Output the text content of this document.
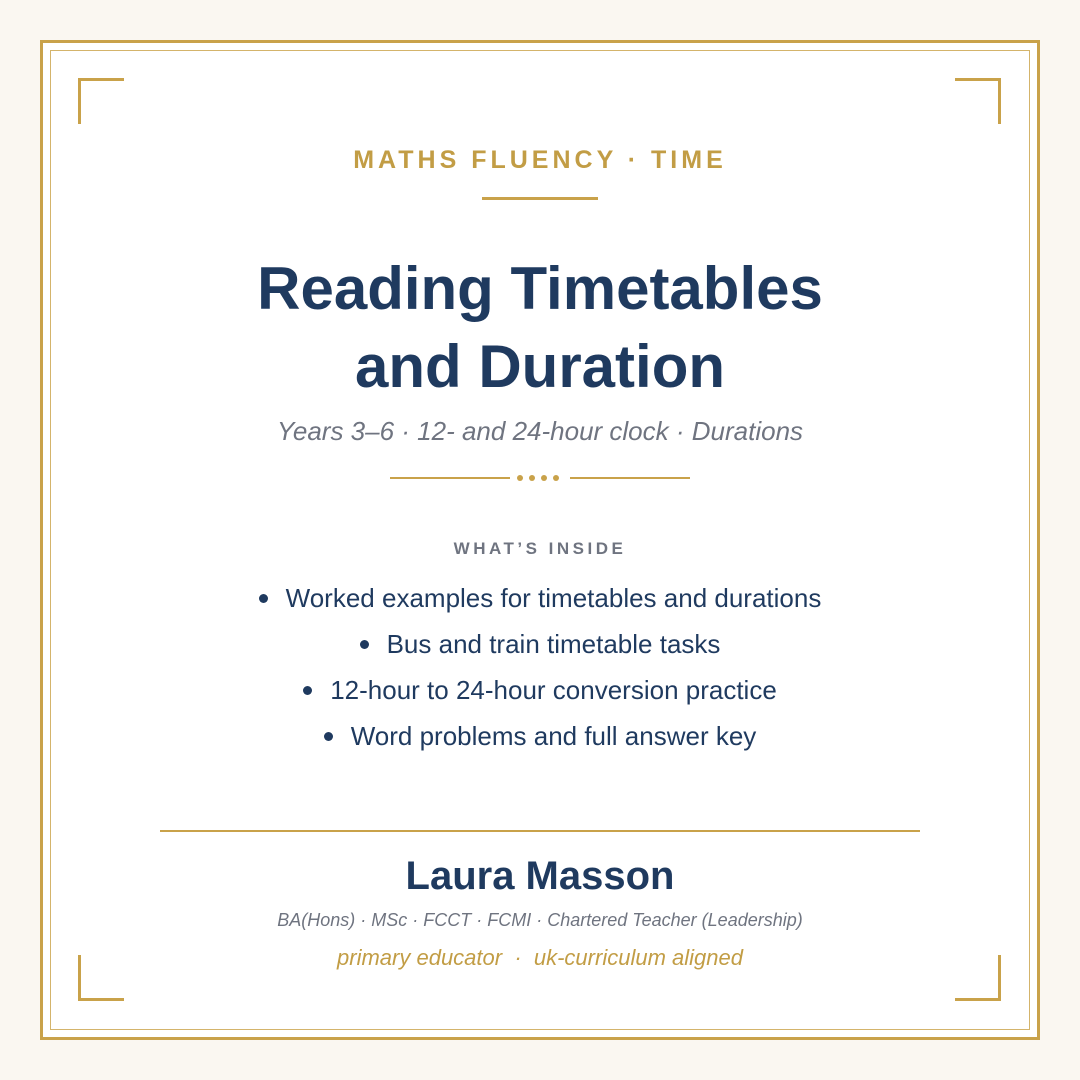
MATHS FLUENCY · TIME
Reading Timetables
and Duration
Years 3–6 · 12- and 24-hour clock · Durations
WHAT’S INSIDE
Worked examples for timetables and durations
Bus and train timetable tasks
12-hour to 24-hour conversion practice
Word problems and full answer key
Laura Masson
BA(Hons) · MSc · FCCT · FCMI · Chartered Teacher (Leadership)
primary educator  ·  uk-curriculum aligned
